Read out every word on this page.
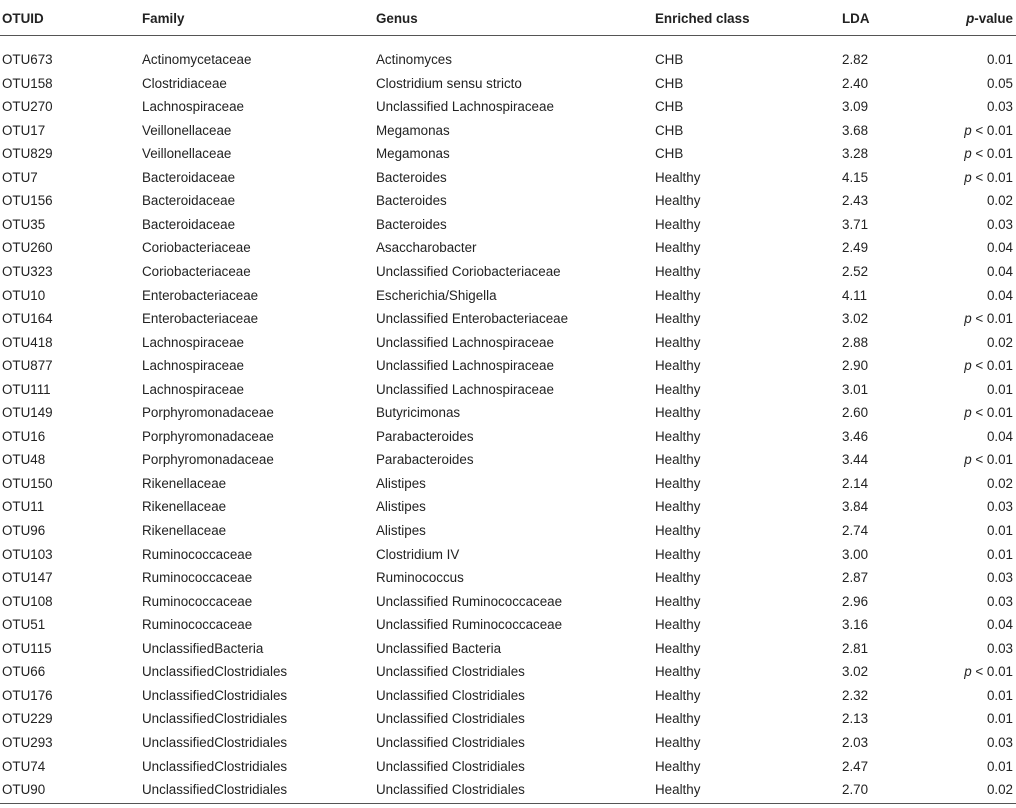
OTUID	Family	Genus	Enriched class	LDA	p-value
OTU673	Actinomycetaceae	Actinomyces	CHB	2.82	0.01
OTU158	Clostridiaceae	Clostridium sensu stricto	CHB	2.40	0.05
OTU270	Lachnospiraceae	Unclassified Lachnospiraceae	CHB	3.09	0.03
OTU17	Veillonellaceae	Megamonas	CHB	3.68	p < 0.01
OTU829	Veillonellaceae	Megamonas	CHB	3.28	p < 0.01
OTU7	Bacteroidaceae	Bacteroides	Healthy	4.15	p < 0.01
OTU156	Bacteroidaceae	Bacteroides	Healthy	2.43	0.02
OTU35	Bacteroidaceae	Bacteroides	Healthy	3.71	0.03
OTU260	Coriobacteriaceae	Asaccharobacter	Healthy	2.49	0.04
OTU323	Coriobacteriaceae	Unclassified Coriobacteriaceae	Healthy	2.52	0.04
OTU10	Enterobacteriaceae	Escherichia/Shigella	Healthy	4.11	0.04
OTU164	Enterobacteriaceae	Unclassified Enterobacteriaceae	Healthy	3.02	p < 0.01
OTU418	Lachnospiraceae	Unclassified Lachnospiraceae	Healthy	2.88	0.02
OTU877	Lachnospiraceae	Unclassified Lachnospiraceae	Healthy	2.90	p < 0.01
OTU111	Lachnospiraceae	Unclassified Lachnospiraceae	Healthy	3.01	0.01
OTU149	Porphyromonadaceae	Butyricimonas	Healthy	2.60	p < 0.01
OTU16	Porphyromonadaceae	Parabacteroides	Healthy	3.46	0.04
OTU48	Porphyromonadaceae	Parabacteroides	Healthy	3.44	p < 0.01
OTU150	Rikenellaceae	Alistipes	Healthy	2.14	0.02
OTU11	Rikenellaceae	Alistipes	Healthy	3.84	0.03
OTU96	Rikenellaceae	Alistipes	Healthy	2.74	0.01
OTU103	Ruminococcaceae	Clostridium IV	Healthy	3.00	0.01
OTU147	Ruminococcaceae	Ruminococcus	Healthy	2.87	0.03
OTU108	Ruminococcaceae	Unclassified Ruminococcaceae	Healthy	2.96	0.03
OTU51	Ruminococcaceae	Unclassified Ruminococcaceae	Healthy	3.16	0.04
OTU115	UnclassifiedBacteria	Unclassified Bacteria	Healthy	2.81	0.03
OTU66	UnclassifiedClostridiales	Unclassified Clostridiales	Healthy	3.02	p < 0.01
OTU176	UnclassifiedClostridiales	Unclassified Clostridiales	Healthy	2.32	0.01
OTU229	UnclassifiedClostridiales	Unclassified Clostridiales	Healthy	2.13	0.01
OTU293	UnclassifiedClostridiales	Unclassified Clostridiales	Healthy	2.03	0.03
OTU74	UnclassifiedClostridiales	Unclassified Clostridiales	Healthy	2.47	0.01
OTU90	UnclassifiedClostridiales	Unclassified Clostridiales	Healthy	2.70	0.02
